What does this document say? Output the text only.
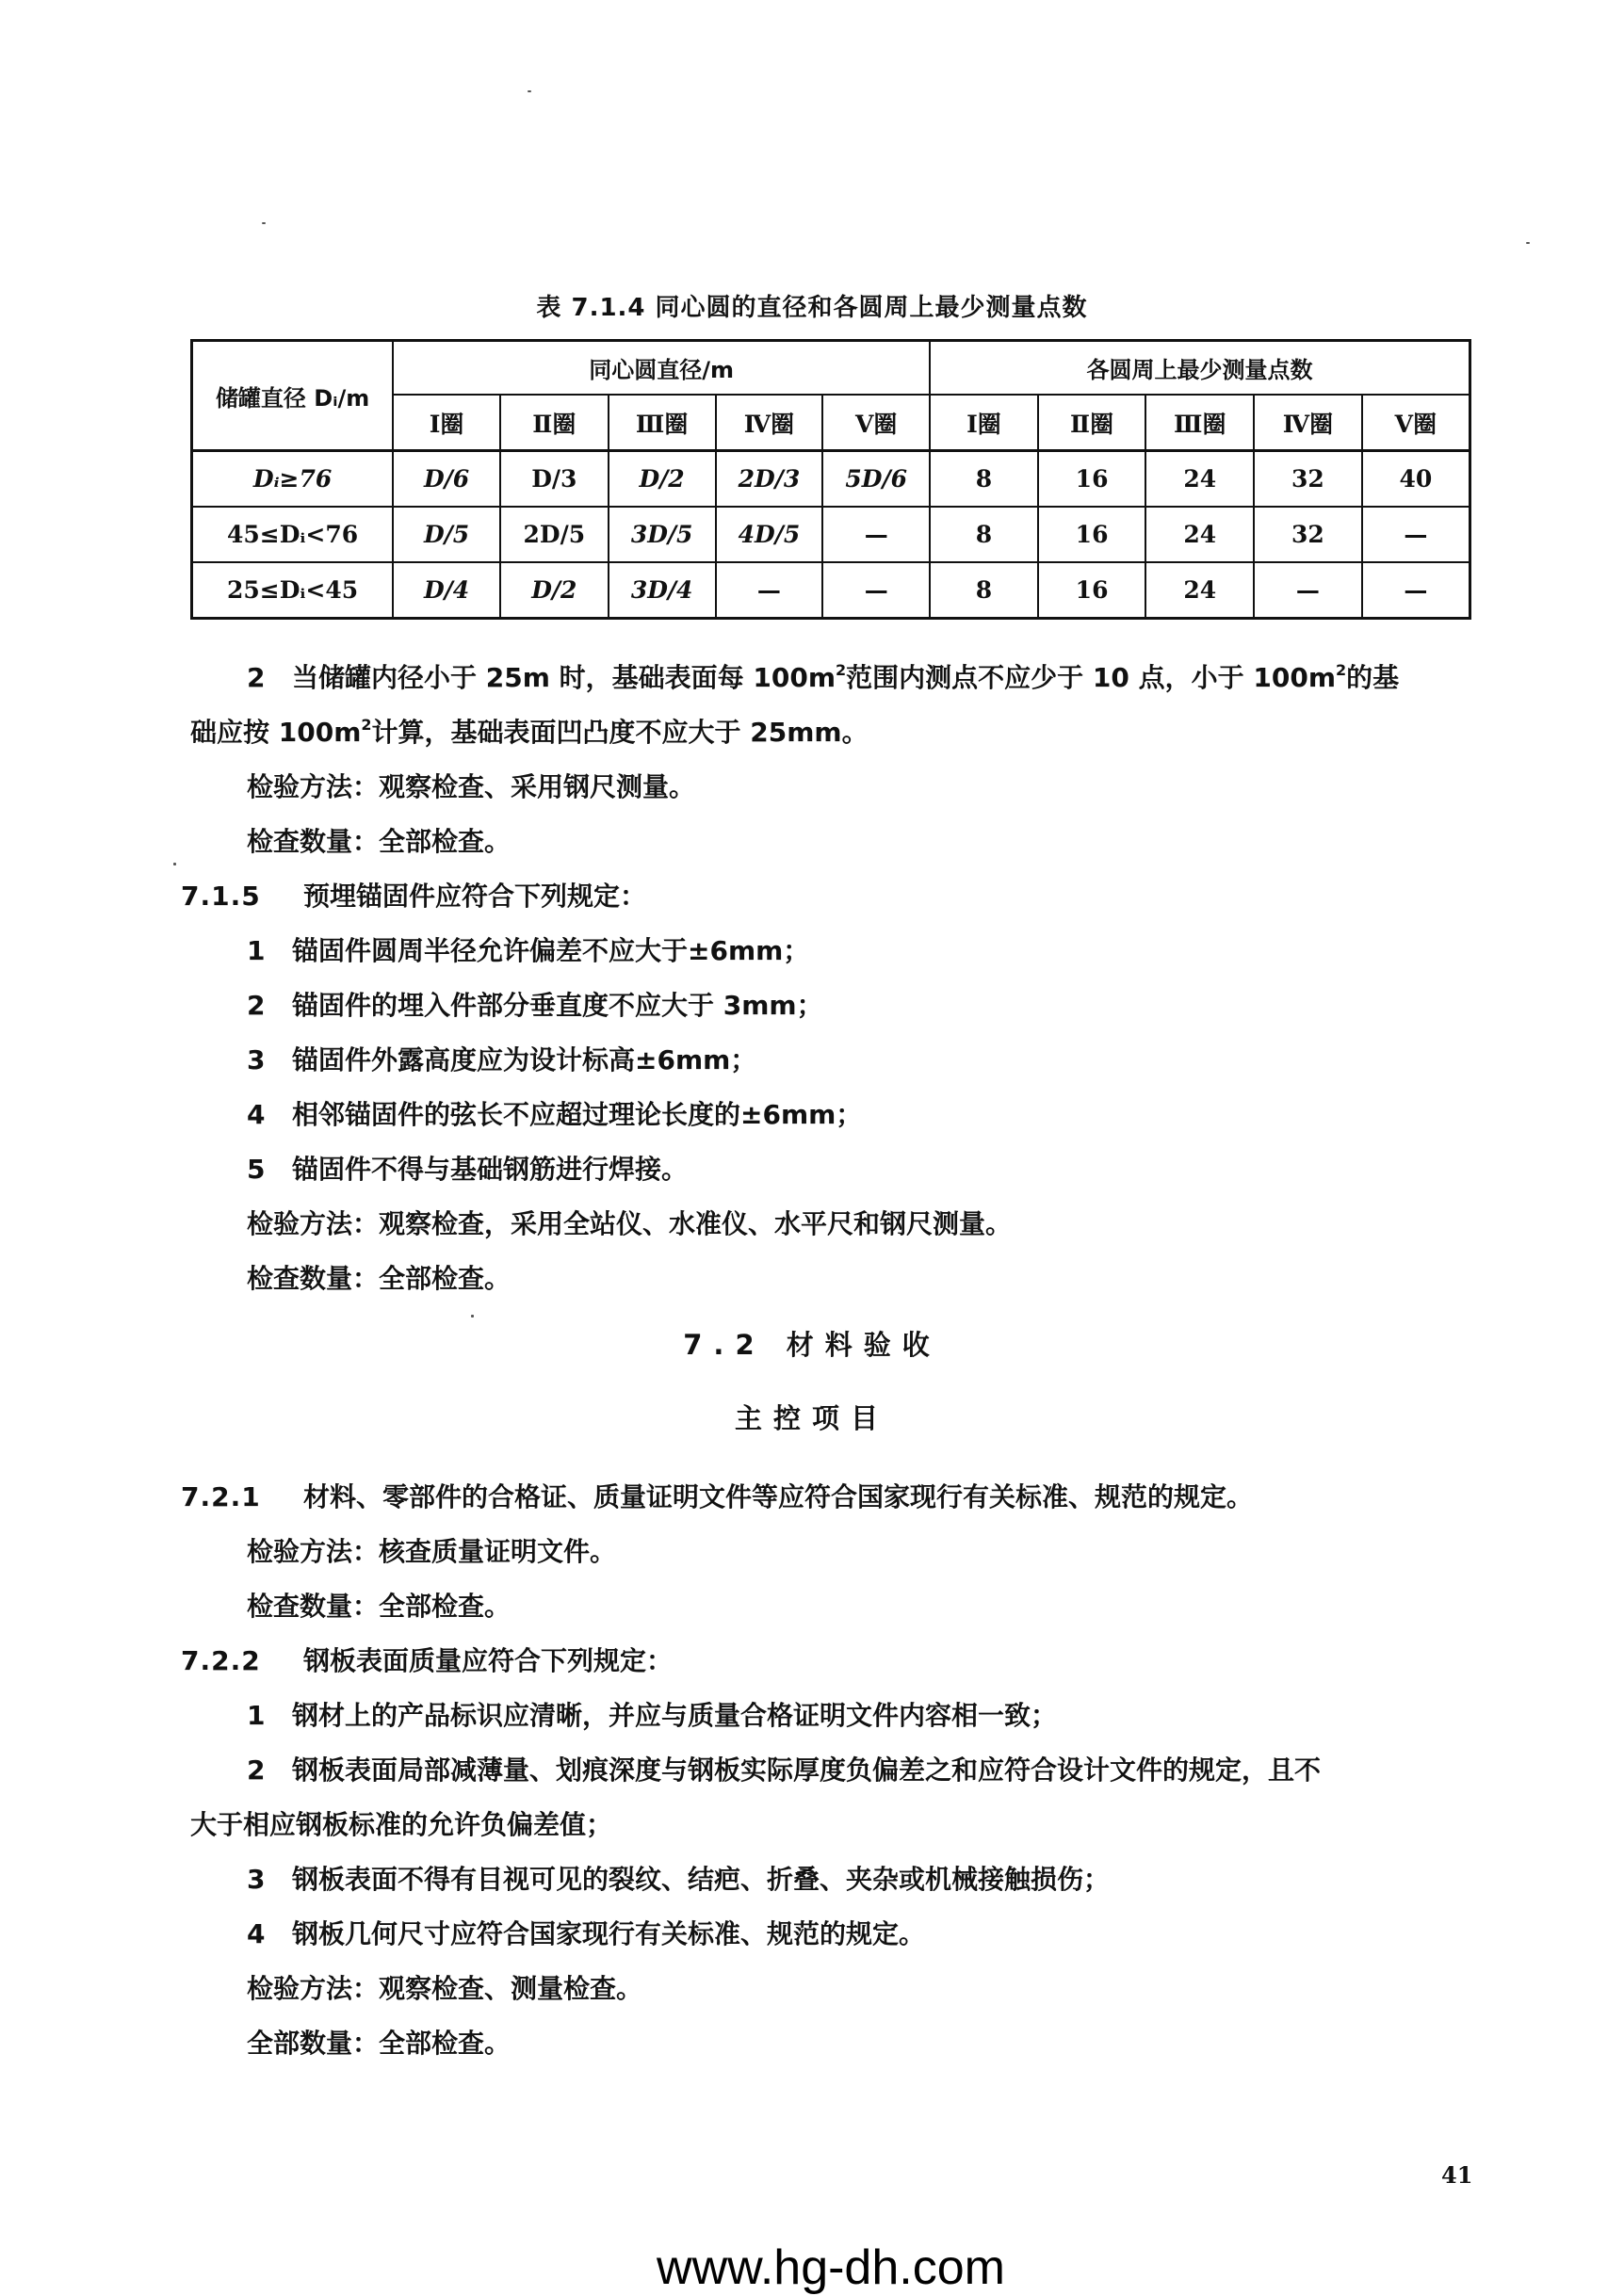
表 7.1.4 同心圆的直径和各圆周上最少测量点数
储罐直径 Dᵢ/m	同心圆直径/m					各圆周上最少测量点数				
	Ⅰ圈	Ⅱ圈	Ⅲ圈	Ⅳ圈	Ⅴ圈	Ⅰ圈	Ⅱ圈	Ⅲ圈	Ⅳ圈	Ⅴ圈
Dᵢ≥76	D/6	D/3	D/2	2D/3	5D/6	8	16	24	32	40
45≤Dᵢ<76	D/5	2D/5	3D/5	4D/5	—	8	16	24	32	—
25≤Dᵢ<45	D/4	D/2	3D/4	—	—	8	16	24	—	—
2 当储罐内径小于 25m 时，基础表面每 $100m^2$范围内测点不应少于 10 点，小于 $100m^2$的基
础应按 $100m^2$计算，基础表面凹凸度不应大于 25mm。
检验方法：观察检查、采用钢尺测量。
检查数量：全部检查。
7.1.5 预埋锚固件应符合下列规定：
1 锚固件圆周半径允许偏差不应大于±6mm；
2 锚固件的埋入件部分垂直度不应大于 3mm；
3 锚固件外露高度应为设计标高±6mm；
4 相邻锚固件的弦长不应超过理论长度的±6mm；
5 锚固件不得与基础钢筋进行焊接。
检验方法：观察检查，采用全站仪、水准仪、水平尺和钢尺测量。
检查数量：全部检查。
7.2 材料验收
主控项目
7.2.1 材料、零部件的合格证、质量证明文件等应符合国家现行有关标准、规范的规定。
检验方法：核查质量证明文件。
检查数量：全部检查。
7.2.2 钢板表面质量应符合下列规定：
1 钢材上的产品标识应清晰，并应与质量合格证明文件内容相一致；
2 钢板表面局部减薄量、划痕深度与钢板实际厚度负偏差之和应符合设计文件的规定，且不
大于相应钢板标准的允许负偏差值；
3 钢板表面不得有目视可见的裂纹、结疤、折叠、夹杂或机械接触损伤；
4 钢板几何尺寸应符合国家现行有关标准、规范的规定。
检验方法：观察检查、测量检查。
全部数量：全部检查。
41
www.hg-dh.com
